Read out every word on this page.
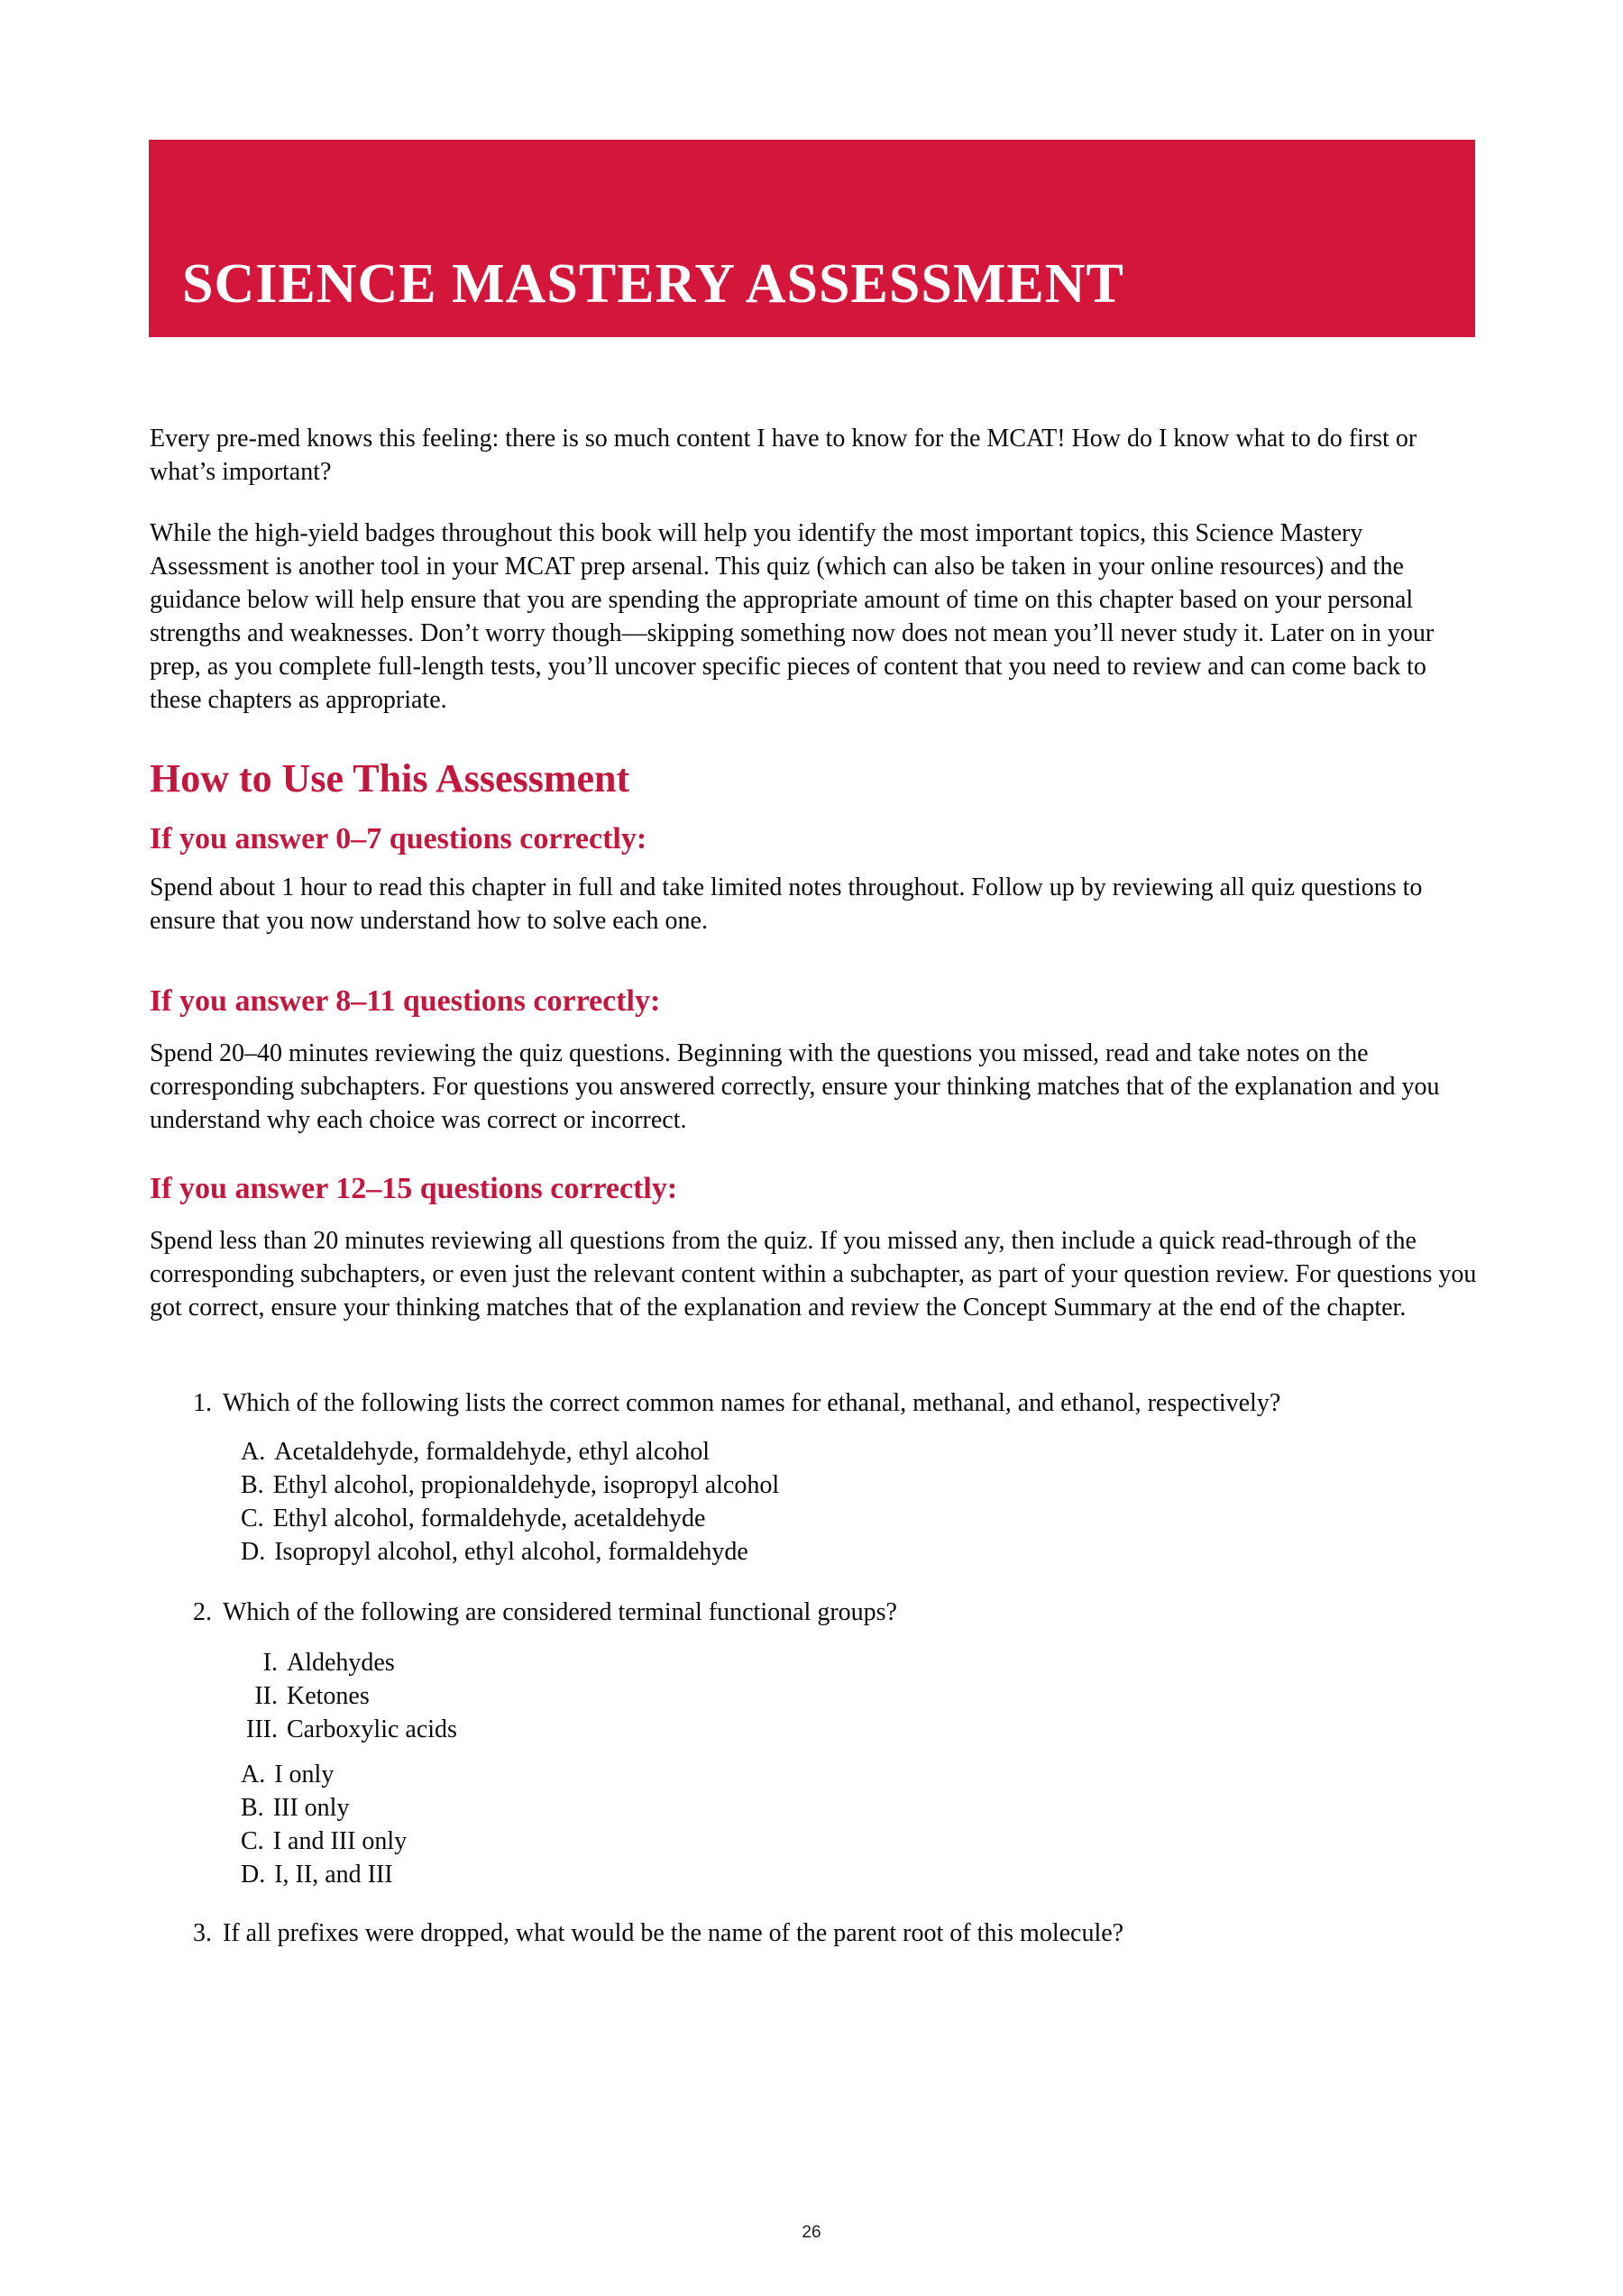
SCIENCE MASTERY ASSESSMENT
Every pre-med knows this feeling: there is so much content I have to know for the MCAT! How do I know what to do first or what’s important?
While the high-yield badges throughout this book will help you identify the most important topics, this Science Mastery Assessment is another tool in your MCAT prep arsenal. This quiz (which can also be taken in your online resources) and the guidance below will help ensure that you are spending the appropriate amount of time on this chapter based on your personal strengths and weaknesses. Don’t worry though—skipping something now does not mean you’ll never study it. Later on in your prep, as you complete full-length tests, you’ll uncover specific pieces of content that you need to review and can come back to these chapters as appropriate.
How to Use This Assessment
If you answer 0–7 questions correctly:
Spend about 1 hour to read this chapter in full and take limited notes throughout. Follow up by reviewing all quiz questions to ensure that you now understand how to solve each one.
If you answer 8–11 questions correctly:
Spend 20–40 minutes reviewing the quiz questions. Beginning with the questions you missed, read and take notes on the corresponding subchapters. For questions you answered correctly, ensure your thinking matches that of the explanation and you understand why each choice was correct or incorrect.
If you answer 12–15 questions correctly:
Spend less than 20 minutes reviewing all questions from the quiz. If you missed any, then include a quick read-through of the corresponding subchapters, or even just the relevant content within a subchapter, as part of your question review. For questions you got correct, ensure your thinking matches that of the explanation and review the Concept Summary at the end of the chapter.
1. Which of the following lists the correct common names for ethanal, methanal, and ethanol, respectively?
A. Acetaldehyde, formaldehyde, ethyl alcohol
B. Ethyl alcohol, propionaldehyde, isopropyl alcohol
C. Ethyl alcohol, formaldehyde, acetaldehyde
D. Isopropyl alcohol, ethyl alcohol, formaldehyde
2. Which of the following are considered terminal functional groups?
I. Aldehydes
II. Ketones
III. Carboxylic acids
A. I only
B. III only
C. I and III only
D. I, II, and III
3. If all prefixes were dropped, what would be the name of the parent root of this molecule?
26
